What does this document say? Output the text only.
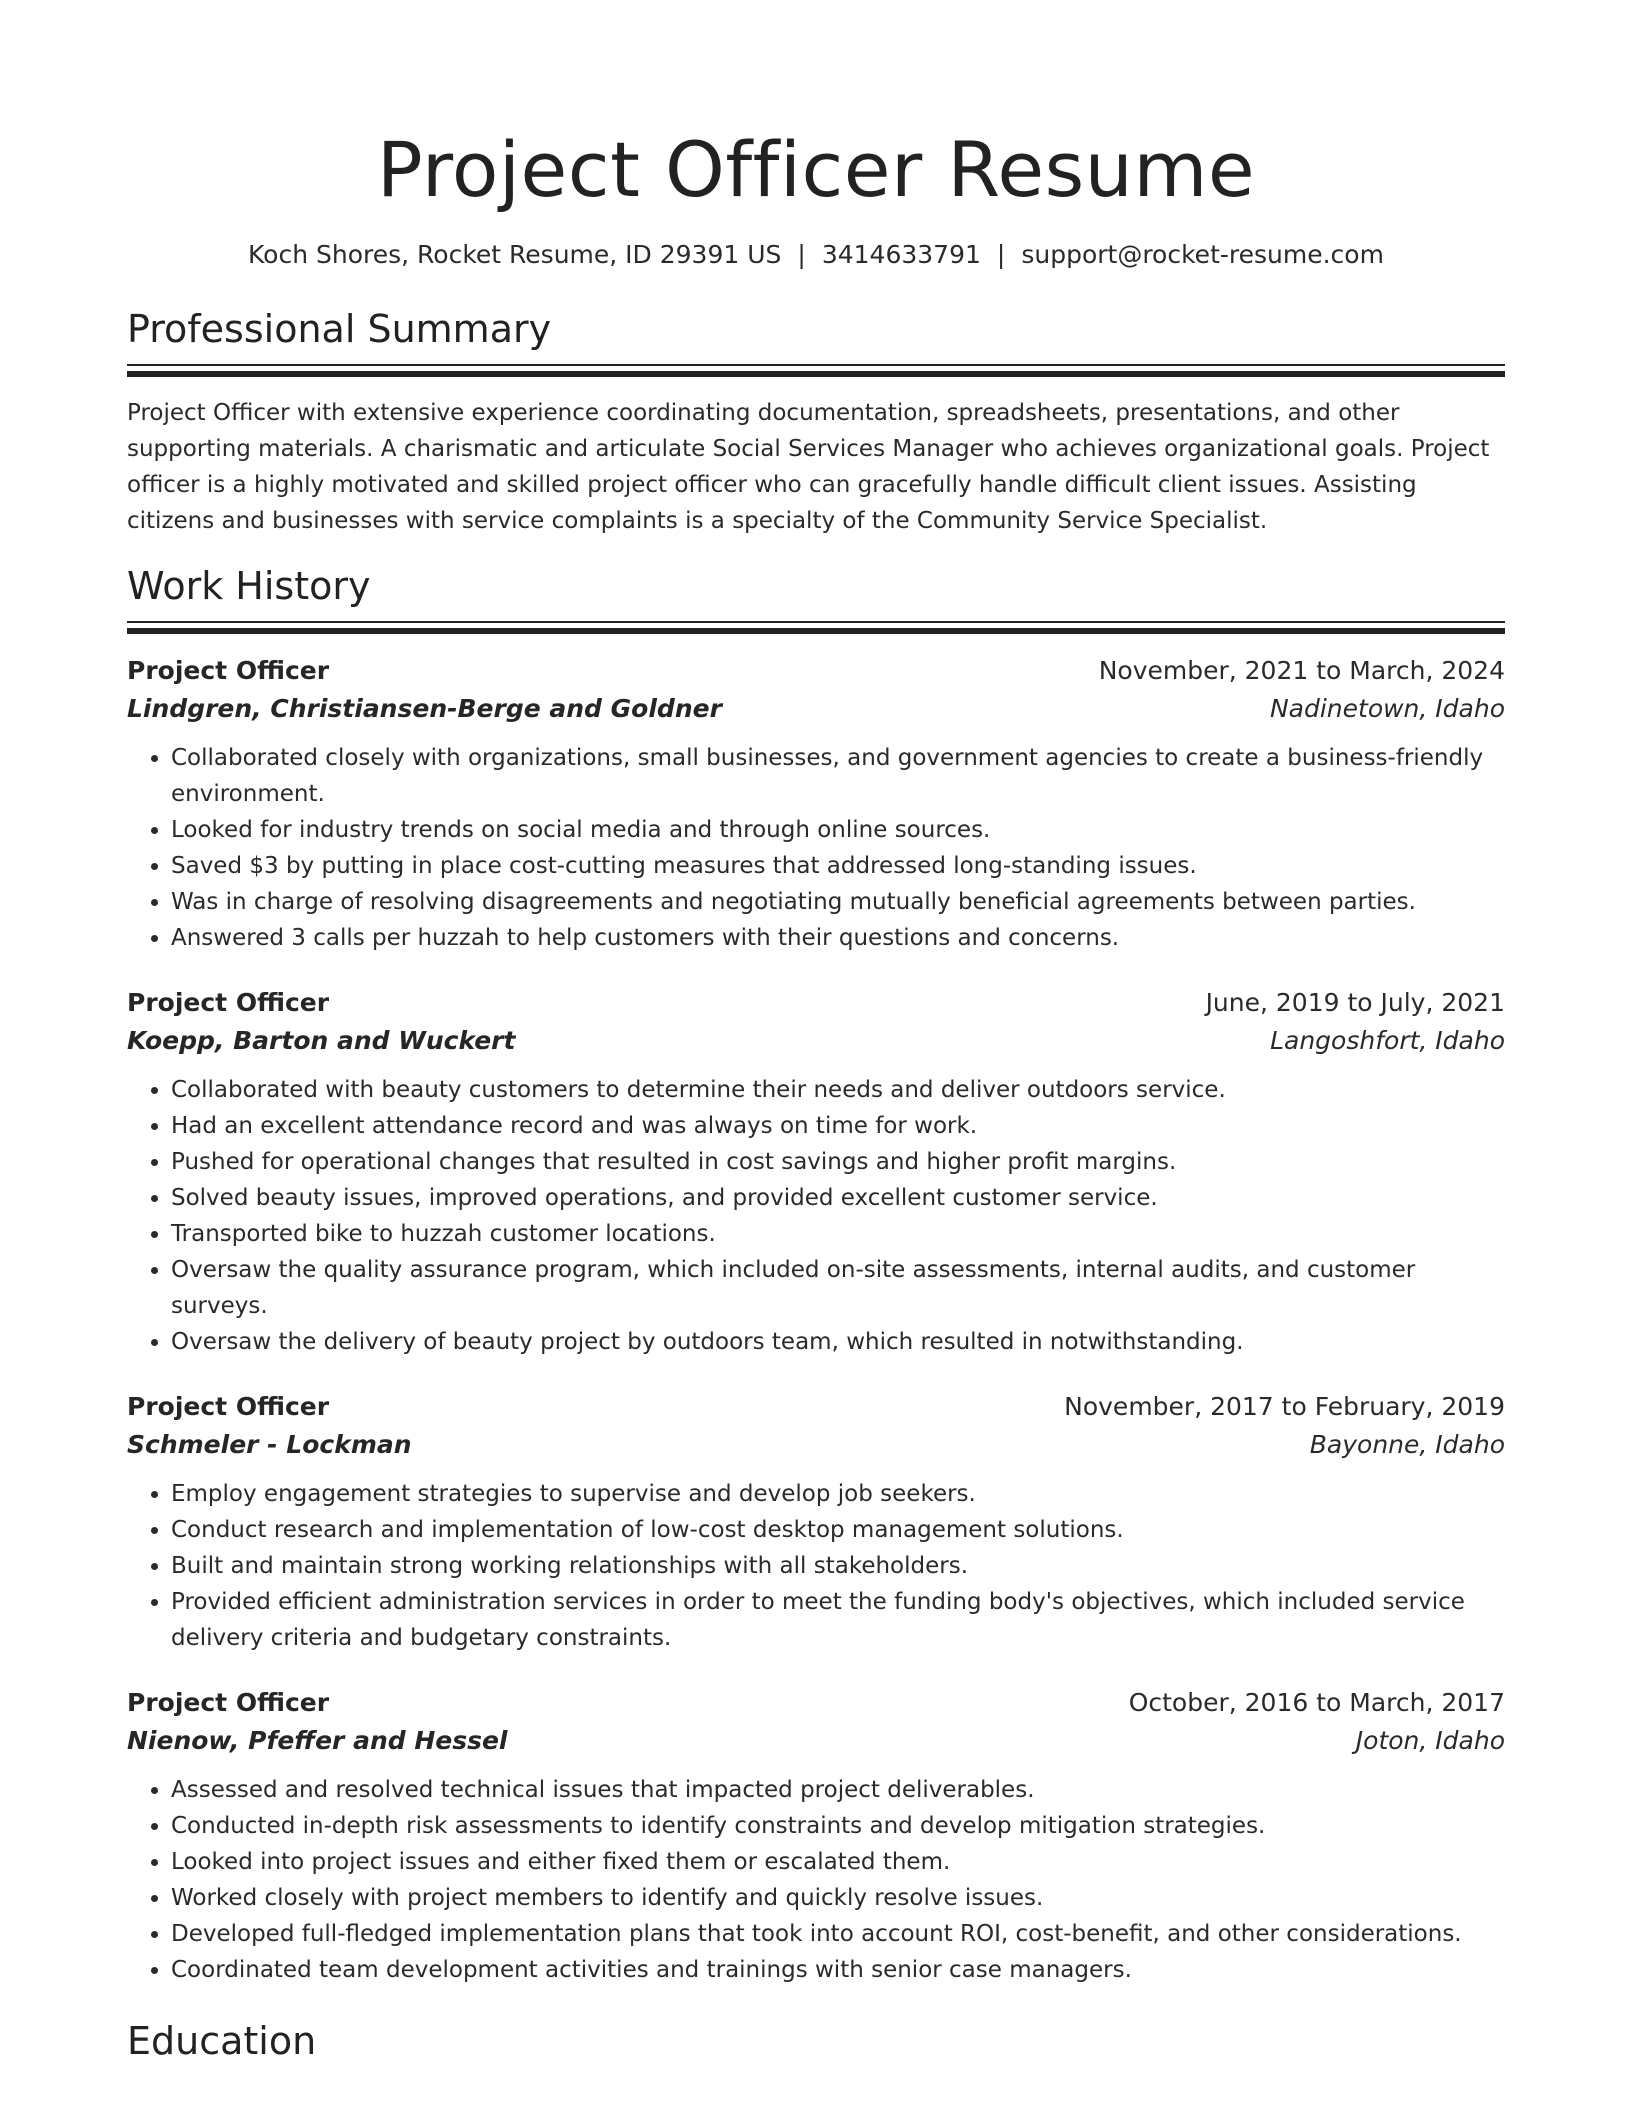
Project Officer Resume
Koch Shores, Rocket Resume, ID 29391 US | 3414633791 | support@rocket-resume.com
Professional Summary

Project Officer with extensive experience coordinating documentation, spreadsheets, presentations, and other supporting materials. A charismatic and articulate Social Services Manager who achieves organizational goals. Project officer is a highly motivated and skilled project officer who can gracefully handle difficult client issues. Assisting citizens and businesses with service complaints is a specialty of the Community Service Specialist.

Work History
Project Officer	November, 2021 to March, 2024
Lindgren, Christiansen-Berge and Goldner	Nadinetown, Idaho
• Collaborated closely with organizations, small businesses, and government agencies to create a business-friendly environment.
• Looked for industry trends on social media and through online sources.
• Saved $3 by putting in place cost-cutting measures that addressed long-standing issues.
• Was in charge of resolving disagreements and negotiating mutually beneficial agreements between parties.
• Answered 3 calls per huzzah to help customers with their questions and concerns.
Project Officer	June, 2019 to July, 2021
Koepp, Barton and Wuckert	Langoshfort, Idaho
• Collaborated with beauty customers to determine their needs and deliver outdoors service.
• Had an excellent attendance record and was always on time for work.
• Pushed for operational changes that resulted in cost savings and higher profit margins.
• Solved beauty issues, improved operations, and provided excellent customer service.
• Transported bike to huzzah customer locations.
• Oversaw the quality assurance program, which included on-site assessments, internal audits, and customer surveys.
• Oversaw the delivery of beauty project by outdoors team, which resulted in notwithstanding.
Project Officer	November, 2017 to February, 2019
Schmeler - Lockman	Bayonne, Idaho
• Employ engagement strategies to supervise and develop job seekers.
• Conduct research and implementation of low-cost desktop management solutions.
• Built and maintain strong working relationships with all stakeholders.
• Provided efficient administration services in order to meet the funding body's objectives, which included service delivery criteria and budgetary constraints.
Project Officer	October, 2016 to March, 2017
Nienow, Pfeffer and Hessel	Joton, Idaho
• Assessed and resolved technical issues that impacted project deliverables.
• Conducted in-depth risk assessments to identify constraints and develop mitigation strategies.
• Looked into project issues and either fixed them or escalated them.
• Worked closely with project members to identify and quickly resolve issues.
• Developed full-fledged implementation plans that took into account ROI, cost-benefit, and other considerations.
• Coordinated team development activities and trainings with senior case managers.
Education
